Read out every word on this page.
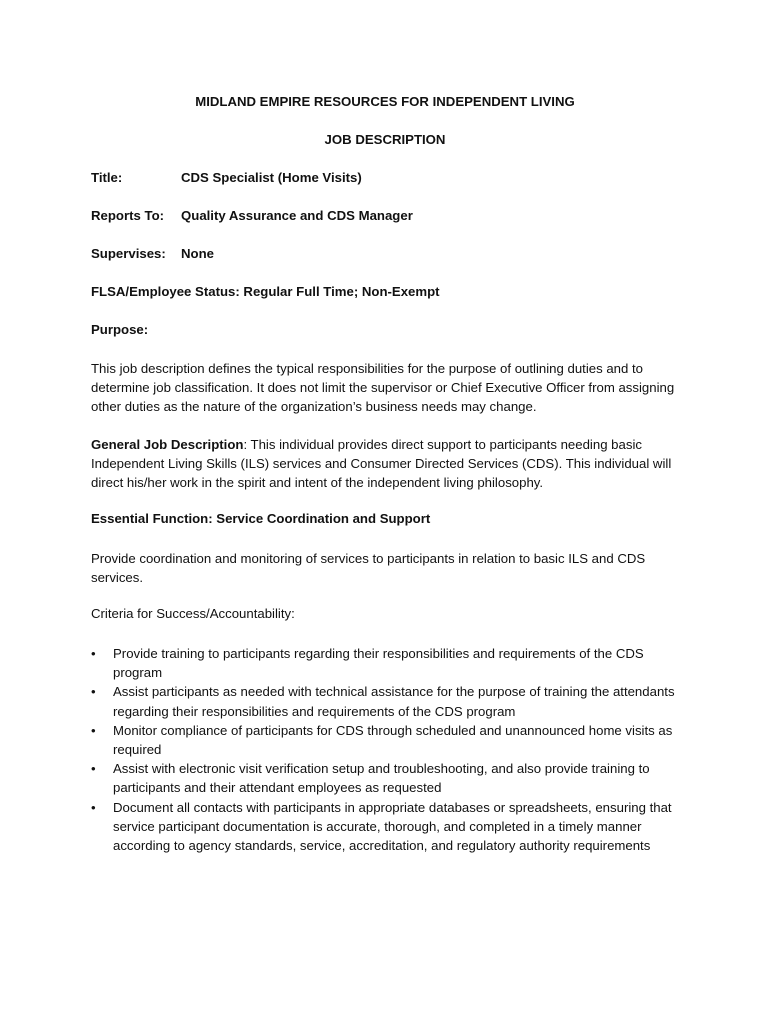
MIDLAND EMPIRE RESOURCES FOR INDEPENDENT LIVING
JOB DESCRIPTION
Title:	CDS Specialist (Home Visits)
Reports To: Quality Assurance and CDS Manager
Supervises: None
FLSA/Employee Status: Regular Full Time; Non-Exempt
Purpose:
This job description defines the typical responsibilities for the purpose of outlining duties and to determine job classification. It does not limit the supervisor or Chief Executive Officer from assigning other duties as the nature of the organization’s business needs may change.
General Job Description: This individual provides direct support to participants needing basic Independent Living Skills (ILS) services and Consumer Directed Services (CDS). This individual will direct his/her work in the spirit and intent of the independent living philosophy.
Essential Function: Service Coordination and Support
Provide coordination and monitoring of services to participants in relation to basic ILS and CDS services.
Criteria for Success/Accountability:
• Provide training to participants regarding their responsibilities and requirements of the CDS program
• Assist participants as needed with technical assistance for the purpose of training the attendants regarding their responsibilities and requirements of the CDS program
• Monitor compliance of participants for CDS through scheduled and unannounced home visits as required
• Assist with electronic visit verification setup and troubleshooting, and also provide training to participants and their attendant employees as requested
• Document all contacts with participants in appropriate databases or spreadsheets, ensuring that service participant documentation is accurate, thorough, and completed in a timely manner according to agency standards, service, accreditation, and regulatory authority requirements
